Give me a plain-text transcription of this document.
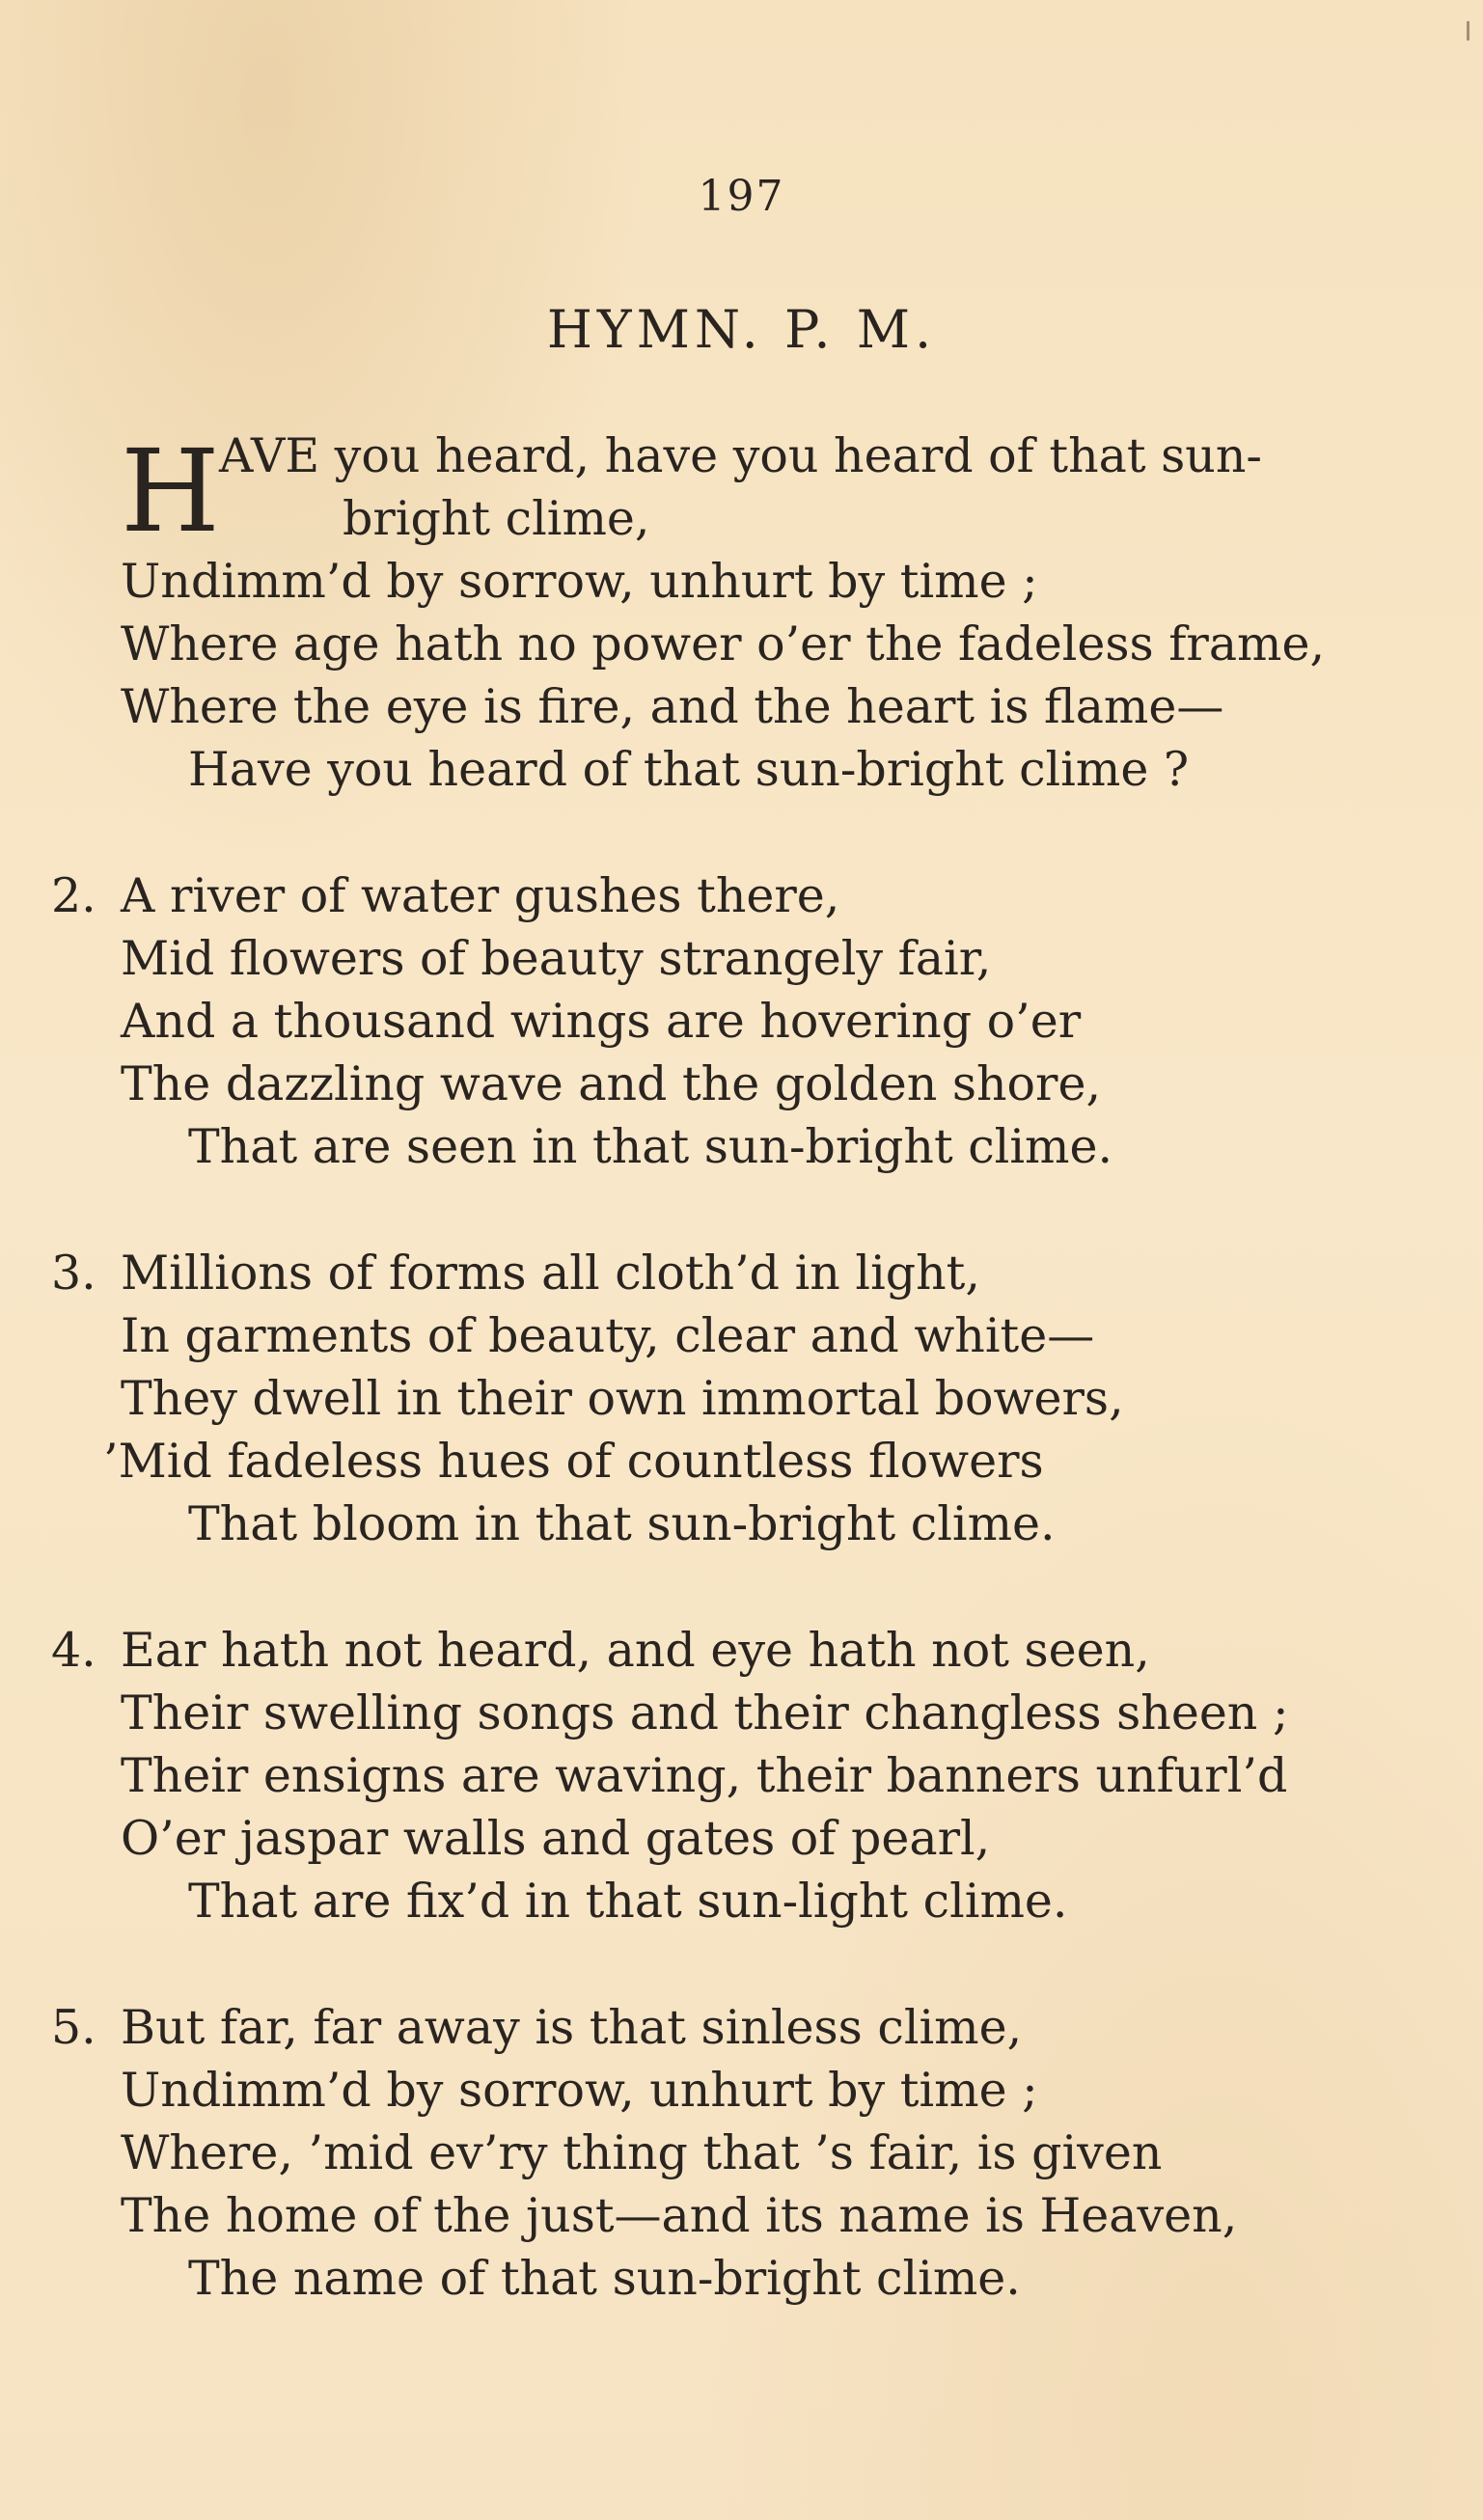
197
HYMN. P. M.
H AVE you heard, have you heard of that sun-
bright clime,
Undimm’d by sorrow, unhurt by time ;
Where age hath no power o’er the fadeless frame,
Where the eye is fire, and the heart is flame—
Have you heard of that sun-bright clime ?
2. A river of water gushes there,
Mid flowers of beauty strangely fair,
And a thousand wings are hovering o’er
The dazzling wave and the golden shore,
That are seen in that sun-bright clime.
3. Millions of forms all cloth’d in light,
In garments of beauty, clear and white—
They dwell in their own immortal bowers,
’Mid fadeless hues of countless flowers
That bloom in that sun-bright clime.
4. Ear hath not heard, and eye hath not seen,
Their swelling songs and their changless sheen ;
Their ensigns are waving, their banners unfurl’d
O’er jaspar walls and gates of pearl,
That are fix’d in that sun-light clime.
5. But far, far away is that sinless clime,
Undimm’d by sorrow, unhurt by time ;
Where, ’mid ev’ry thing that ’s fair, is given
The home of the just—and its name is Heaven,
The name of that sun-bright clime.
